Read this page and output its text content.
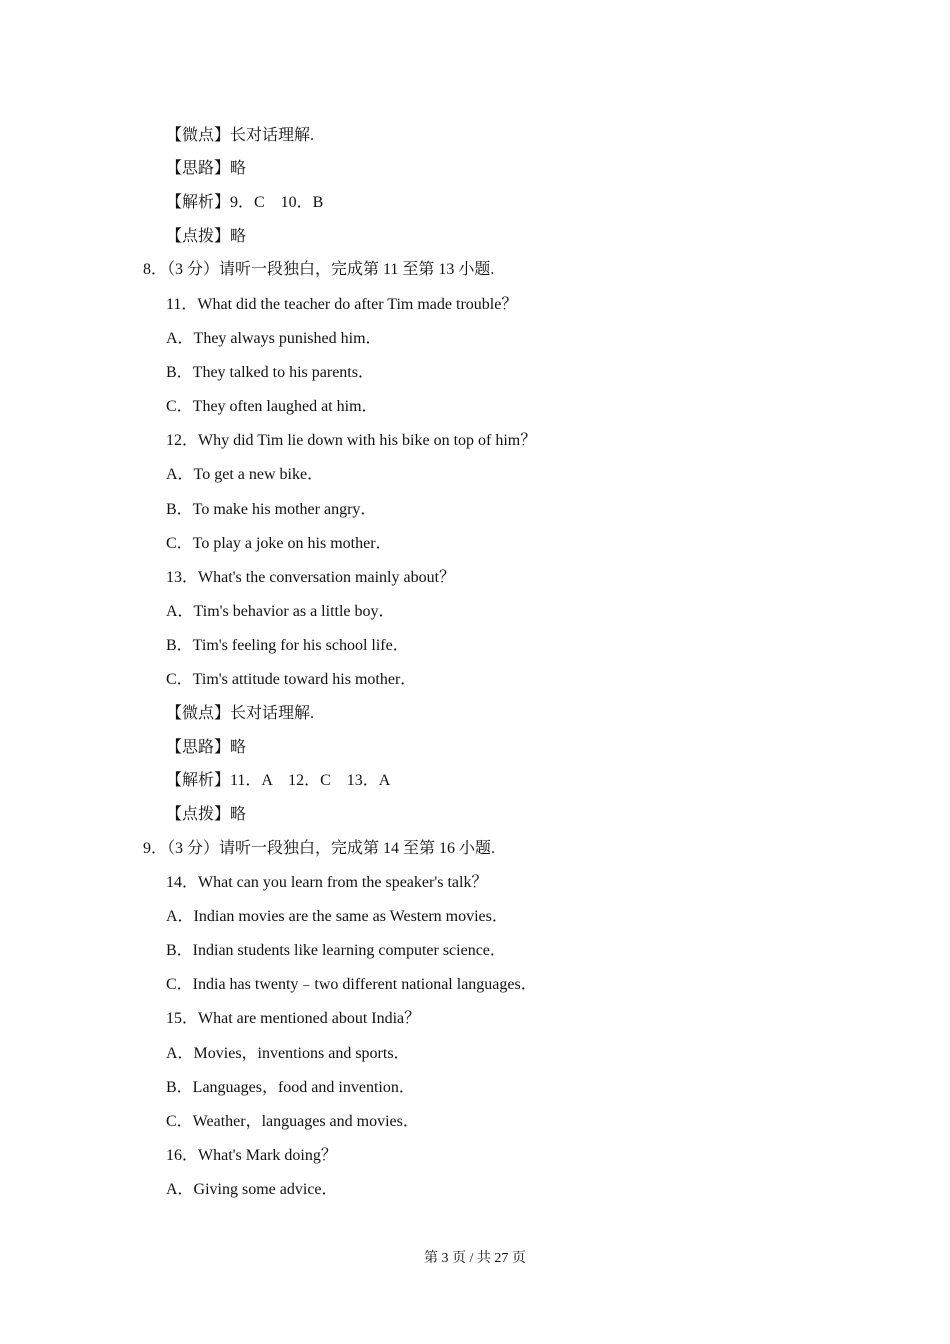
【微点】长对话理解.
【思路】略
【解析】9．C　10．B
【点拨】略
8．（3 分）请听一段独白，完成第 11 至第 13 小题.
11．What did the teacher do after Tim made trouble？
A．They always punished him．
B．They talked to his parents．
C．They often laughed at him．
12．Why did Tim lie down with his bike on top of him？
A．To get a new bike．
B．To make his mother angry．
C．To play a joke on his mother．
13．What's the conversation mainly about？
A．Tim's behavior as a little boy．
B．Tim's feeling for his school life．
C．Tim's attitude toward his mother．
【微点】长对话理解.
【思路】略
【解析】11．A　12．C　13．A
【点拨】略
9．（3 分）请听一段独白，完成第 14 至第 16 小题.
14．What can you learn from the speaker's talk？
A．Indian movies are the same as Western movies．
B．Indian students like learning computer science．
C．India has twenty﹣two different national languages．
15．What are mentioned about India？
A．Movies，inventions and sports．
B．Languages，food and invention．
C．Weather，languages and movies．
16．What's Mark doing？
A．Giving some advice．
第 3 页 / 共 27 页
